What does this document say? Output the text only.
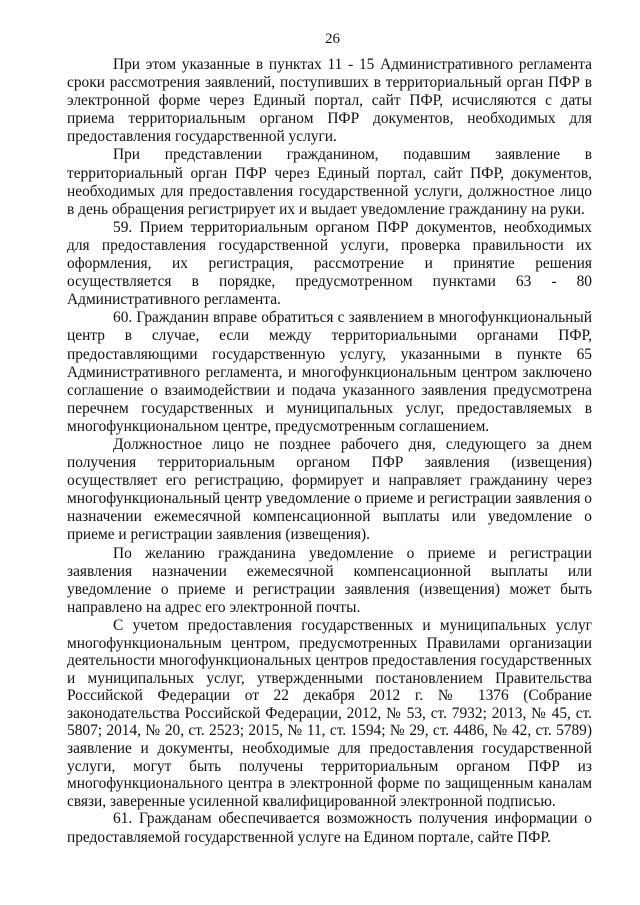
26

При этом указанные в пунктах 11 - 15 Административного регламента сроки рассмотрения заявлений, поступивших в территориальный орган ПФР в электронной форме через Единый портал, сайт ПФР, исчисляются с даты приема территориальным органом ПФР документов, необходимых для предоставления государственной услуги.

При представлении гражданином, подавшим заявление в территориальный орган ПФР через Единый портал, сайт ПФР, документов, необходимых для предоставления государственной услуги, должностное лицо в день обращения регистрирует их и выдает уведомление гражданину на руки.

59. Прием территориальным органом ПФР документов, необходимых для предоставления государственной услуги, проверка правильности их оформления, их регистрация, рассмотрение и принятие решения осуществляется в порядке, предусмотренном пунктами 63 - 80 Административного регламента.

60. Гражданин вправе обратиться с заявлением в многофункциональный центр в случае, если между территориальными органами ПФР, предоставляющими государственную услугу, указанными в пункте 65 Административного регламента, и многофункциональным центром заключено соглашение о взаимодействии и подача указанного заявления предусмотрена перечнем государственных и муниципальных услуг, предоставляемых в многофункциональном центре, предусмотренным соглашением.

Должностное лицо не позднее рабочего дня, следующего за днем получения территориальным органом ПФР заявления (извещения) осуществляет его регистрацию, формирует и направляет гражданину через многофункциональный центр уведомление о приеме и регистрации заявления о назначении ежемесячной компенсационной выплаты или уведомление о приеме и регистрации заявления (извещения).

По желанию гражданина уведомление о приеме и регистрации заявления назначении ежемесячной компенсационной выплаты или уведомление о приеме и регистрации заявления (извещения) может быть направлено на адрес его электронной почты.

С учетом предоставления государственных и муниципальных услуг многофункциональным центром, предусмотренных Правилами организации деятельности многофункциональных центров предоставления государственных и муниципальных услуг, утвержденными постановлением Правительства Российской Федерации от 22 декабря 2012 г. № 1376 (Собрание законодательства Российской Федерации, 2012, № 53, ст. 7932; 2013, № 45, ст. 5807; 2014, № 20, ст. 2523; 2015, № 11, ст. 1594; № 29, ст. 4486, № 42, ст. 5789) заявление и документы, необходимые для предоставления государственной услуги, могут быть получены территориальным органом ПФР из многофункционального центра в электронной форме по защищенным каналам связи, заверенные усиленной квалифицированной электронной подписью.

61. Гражданам обеспечивается возможность получения информации о предоставляемой государственной услуге на Едином портале, сайте ПФР.
